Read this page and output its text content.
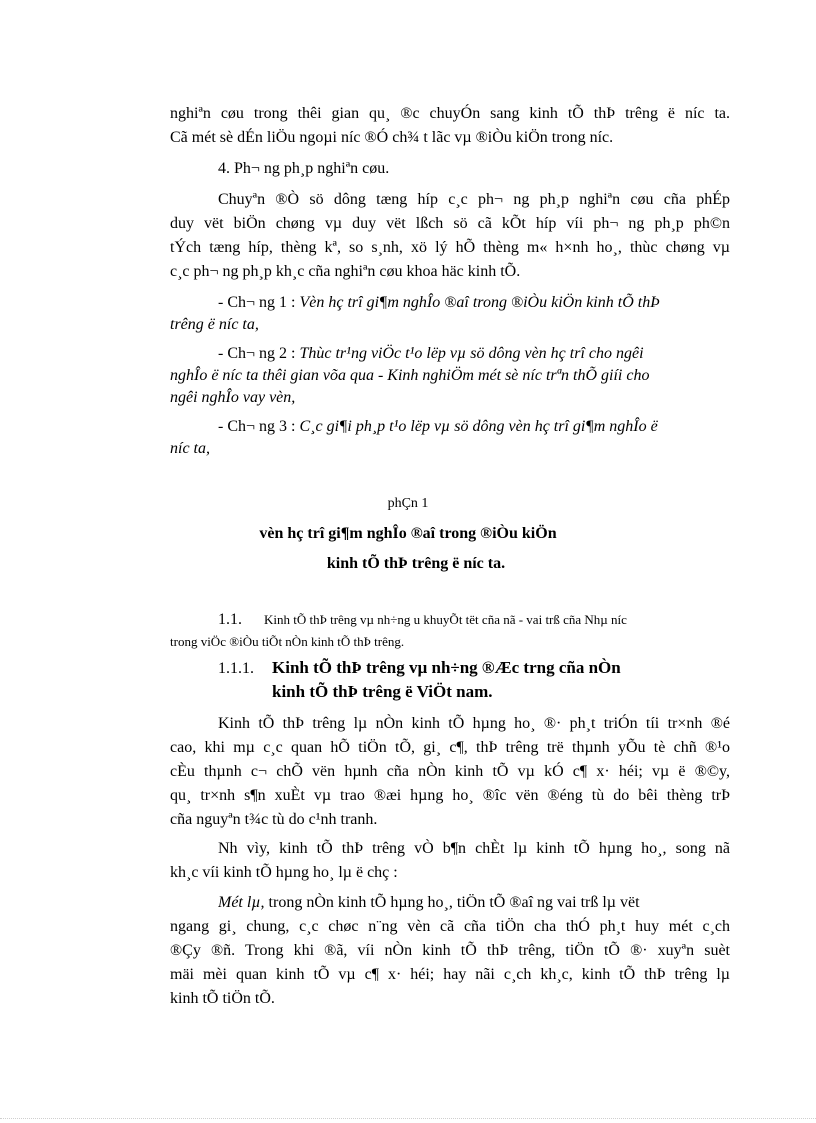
nghiªn cøu trong thêi gian qu¸ ®c chuyÓn sang kinh tÕ thÞ trêng ë níc ta.
Cã mét sè dÉn liÖu ngoµi níc ®Ó ch¾ t lãc vµ ®iÒu kiÖn trong níc.
4. Ph¬ ng ph¸p nghiªn cøu.
Chuyªn ®Ò sö dông tæng híp c¸c ph¬ ng ph¸p nghiªn cøu cña phÉp
duy vët biÖn chøng vµ duy vët lßch sö cã kÕt híp víi ph¬ ng ph¸p ph©n
tÝch tæng híp, thèng kª, so s¸nh, xö lý hÕ thèng m« h×nh ho¸, thùc chøng vµ
c¸c ph¬ ng ph¸p kh¸c cña nghiªn cøu khoa häc kinh tÕ.
- Ch¬ ng 1 : Vèn hç trî gi¶m nghÎo ®aî trong ®iÒu kiÖn kinh tÕ thÞ
trêng ë níc ta,
- Ch¬ ng 2 : Thùc tr¹ng viÖc t¹o lëp vµ sö dông vèn hç trî cho ngêi
nghÎo ë níc ta thêi gian võa qua - Kinh nghiÖm mét sè níc trªn thÕ giíi cho
ngêi nghÎo vay vèn,
- Ch¬ ng 3 : C¸c gi¶i ph¸p t¹o lëp vµ sö dông vèn hç trî gi¶m nghÎo ë
níc ta,
phÇn 1
vèn hç trî gi¶m nghÎo ®aî trong ®iÒu kiÖn
kinh tÕ thÞ trêng ë níc ta.
1.1. Kinh tÕ thÞ trêng vµ nh÷ng u khuyÕt tët cña nã - vai trß cña Nhµ níc
trong viÖc ®iÒu tiÕt nÒn kinh tÕ thÞ trêng.
1.1.1. Kinh tÕ thÞ trêng vµ nh÷ng ®Æc trng cña nÒn
kinh tÕ thÞ trêng ë ViÖt nam.
Kinh tÕ thÞ trêng lµ nÒn kinh tÕ hµng ho¸ ®· ph¸t triÓn tíi tr×nh ®é
cao, khi mµ c¸c quan hÕ tiÖn tÕ, gi¸ c¶, thÞ trêng trë thµnh yÕu tè chñ ®¹o
cÈu thµnh c¬ chÕ vën hµnh cña nÒn kinh tÕ vµ kÓ c¶ x· héi; vµ ë ®©y,
qu¸ tr×nh s¶n xuÈt vµ trao ®æi hµng ho¸ ®îc vën ®éng tù do bêi thèng trÞ
cña nguyªn t¾c tù do c¹nh tranh.
Nh vìy, kinh tÕ thÞ trêng vÒ b¶n chÈt lµ kinh tÕ hµng ho¸, song nã
kh¸c víi kinh tÕ hµng ho¸ lµ ë chç :
Mét lµ, trong nÒn kinh tÕ hµng ho¸, tiÖn tÕ ®aî ng vai trß lµ vët
ngang gi¸ chung, c¸c chøc n¨ng vèn cã cña tiÖn cha thÓ ph¸t huy mét c¸ch
®Çy ®ñ. Trong khi ®ã, víi nÒn kinh tÕ thÞ trêng, tiÖn tÕ ®· xuyªn suèt
mäi mèi quan kinh tÕ vµ c¶ x· héi; hay nãi c¸ch kh¸c, kinh tÕ thÞ trêng lµ
kinh tÕ tiÖn tÕ.
